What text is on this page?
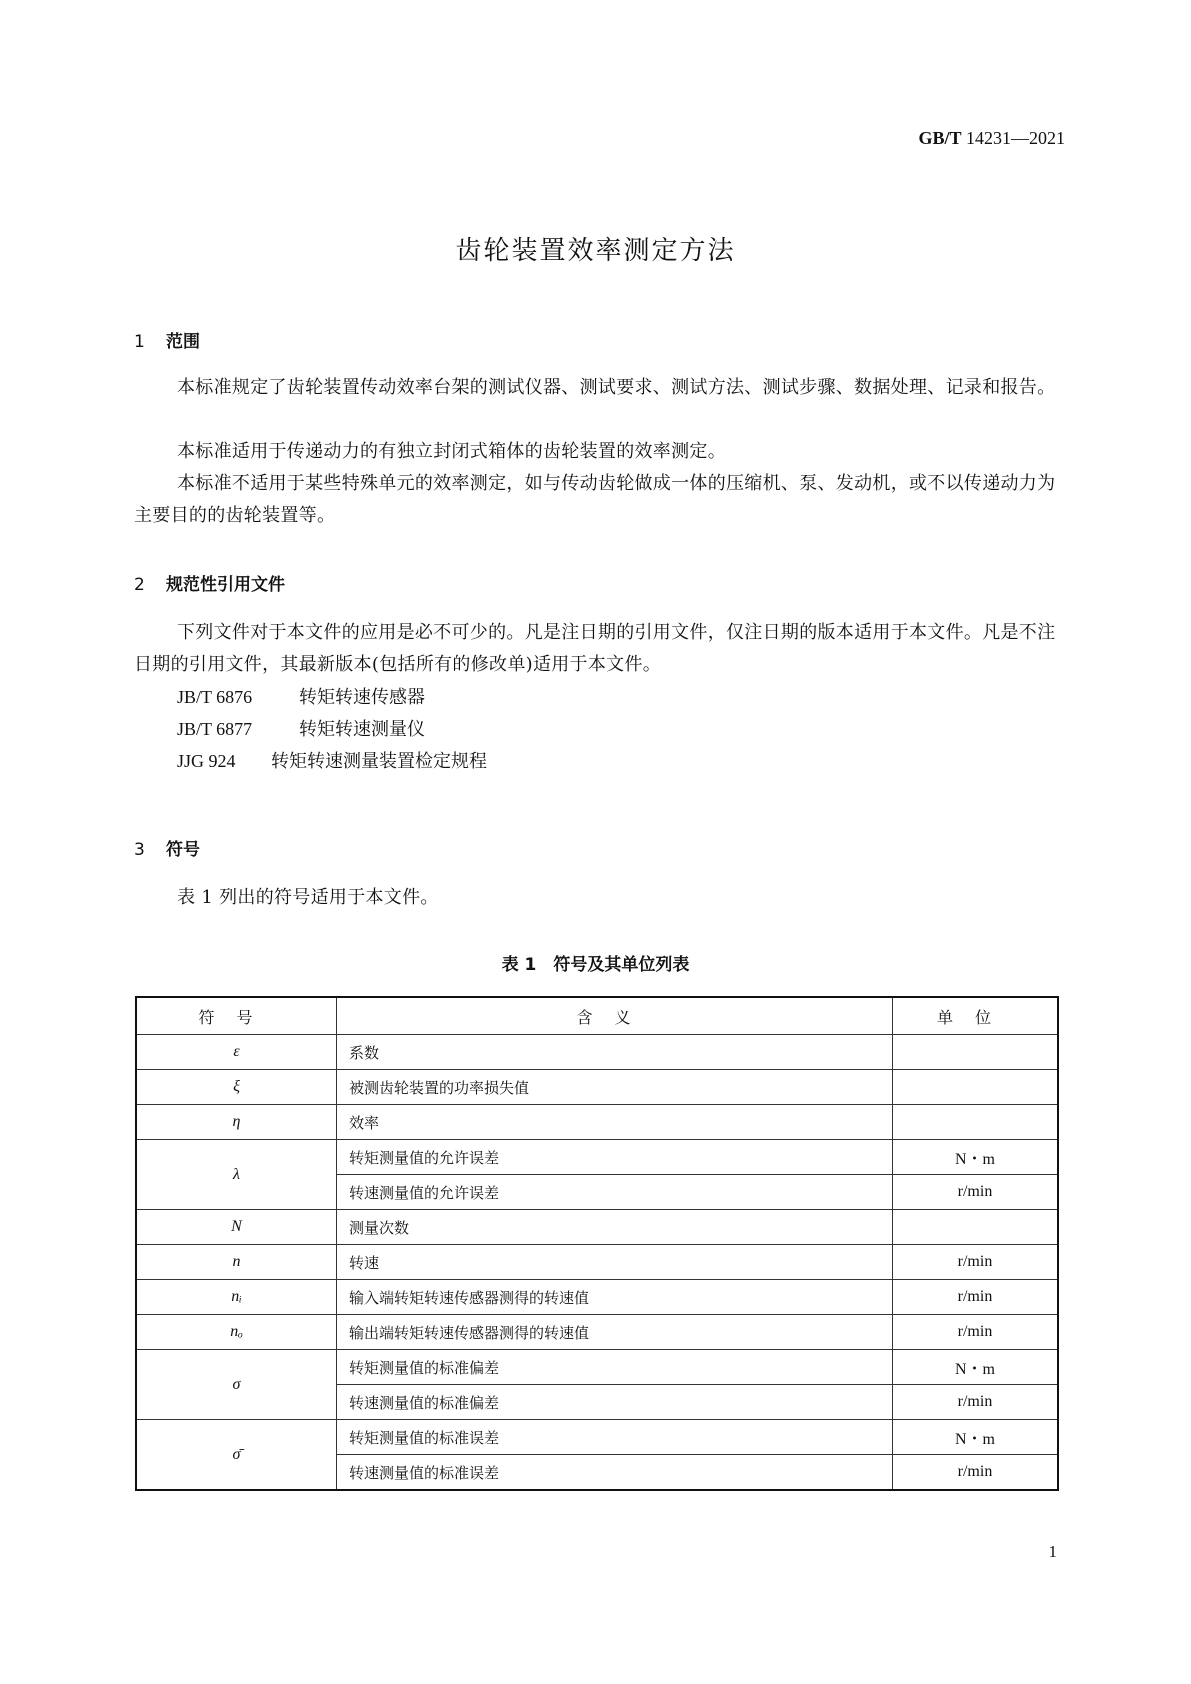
GB/T 14231—2021
齿轮装置效率测定方法
1 范围
本标准规定了齿轮装置传动效率台架的测试仪器、测试要求、测试方法、测试步骤、数据处理、记录和报告。
本标准适用于传递动力的有独立封闭式箱体的齿轮装置的效率测定。
本标准不适用于某些特殊单元的效率测定，如与传动齿轮做成一体的压缩机、泵、发动机，或不以传递动力为主要目的的齿轮装置等。
2 规范性引用文件
下列文件对于本文件的应用是必不可少的。凡是注日期的引用文件，仅注日期的版本适用于本文件。凡是不注日期的引用文件，其最新版本(包括所有的修改单)适用于本文件。
JB/T 6876	转矩转速传感器
JB/T 6877	转矩转速测量仪
JJG 924 转矩转速测量装置检定规程
3 符号
表 1 列出的符号适用于本文件。
表 1　符号及其单位列表
符号	含义	单位
ε	系数	
ξ	被测齿轮装置的功率损失值	
η	效率	
λ	转矩测量值的允许误差	N・m
	转速测量值的允许误差	r/min
N	测量次数	
n	转速	r/min
nᵢ	输入端转矩转速传感器测得的转速值	r/min
nₒ	输出端转矩转速传感器测得的转速值	r/min
σ	转矩测量值的标准偏差	N・m
	转速测量值的标准偏差	r/min
σ̄	转矩测量值的标准误差	N・m
	转速测量值的标准误差	r/min
1
